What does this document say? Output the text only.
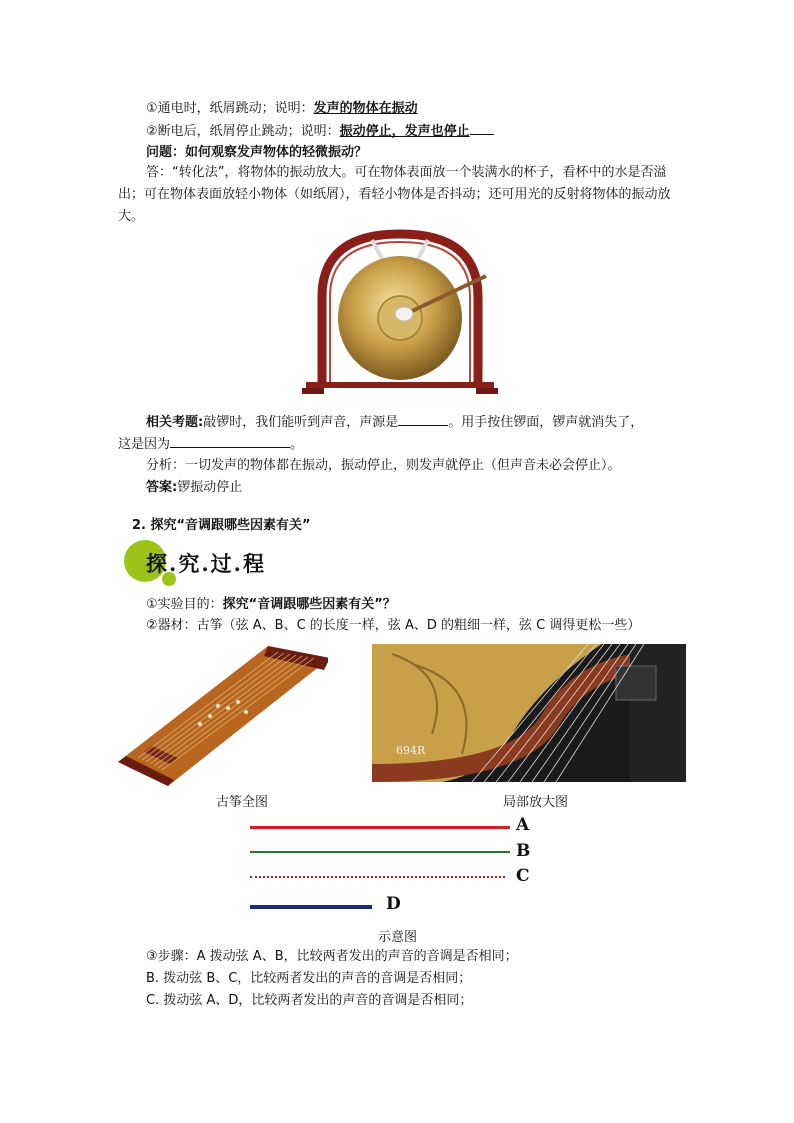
①通电时，纸屑跳动；说明：发声的物体在振动
②断电后，纸屑停止跳动；说明：振动停止，发声也停止
问题：如何观察发声物体的轻微振动？

答：“转化法”，将物体的振动放大。可在物体表面放一个装满水的杯子，看杯中的水是否溢出；可在物体表面放轻小物体（如纸屑），看轻小物体是否抖动；还可用光的反射将物体的振动放大。

相关考题:敲锣时，我们能听到声音，声源是	。用手按住锣面，锣声就消失了，
这是因为	。
分析：一切发声的物体都在振动，振动停止，则发声就停止（但声音未必会停止）。
答案:锣振动停止
2. 探究“音调跟哪些因素有关”
探.究.过.程
①实验目的：探究“音调跟哪些因素有关”？
②器材：古筝（弦 A、B、C 的长度一样，弦 A、D 的粗细一样，弦 C 调得更松一些）
694R
古筝全图	局部放大图
A
B
C
D
示意图
③步骤：A 拨动弦 A、B，比较两者发出的声音的音调是否相同；
B. 拨动弦 B、C，比较两者发出的声音的音调是否相同；
C. 拨动弦 A、D，比较两者发出的声音的音调是否相同；
